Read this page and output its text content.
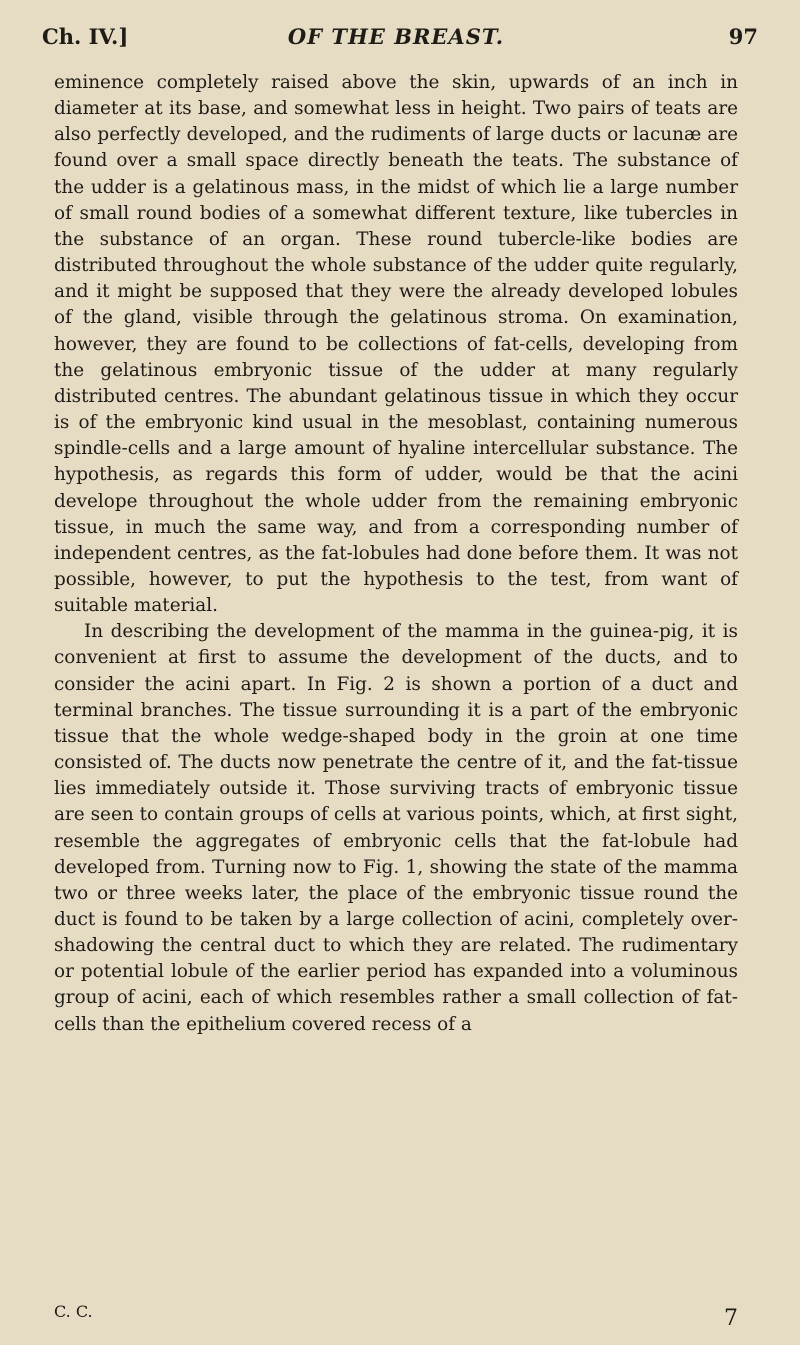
Ch. IV.]	OF THE BREAST.	97

eminence completely raised above the skin, upwards of an inch in diameter at its base, and somewhat less in height. Two pairs of teats are also perfectly developed, and the rudiments of large ducts or lacunæ are found over a small space directly beneath the teats. The substance of the udder is a gelatinous mass, in the midst of which lie a large number of small round bodies of a somewhat different texture, like tubercles in the substance of an organ. These round tubercle-like bodies are distributed throughout the whole substance of the udder quite regularly, and it might be supposed that they were the already developed lobules of the gland, visible through the gelatinous stroma. On examination, however, they are found to be collections of fat-cells, developing from the gelatinous embryonic tissue of the udder at many regularly distributed centres. The abundant gelatinous tissue in which they occur is of the embryonic kind usual in the mesoblast, containing numerous spindle-cells and a large amount of hyaline intercellular substance. The hypothesis, as regards this form of udder, would be that the acini develope throughout the whole udder from the remaining embryonic tissue, in much the same way, and from a corresponding number of independent centres, as the fat-lobules had done before them. It was not possible, however, to put the hypothesis to the test, from want of suitable material.

In describing the development of the mamma in the guinea-pig, it is convenient at first to assume the development of the ducts, and to consider the acini apart. In Fig. 2 is shown a portion of a duct and terminal branches. The tissue surrounding it is a part of the embryonic tissue that the whole wedge-shaped body in the groin at one time consisted of. The ducts now penetrate the centre of it, and the fat-tissue lies immediately outside it. Those surviving tracts of embryonic tissue are seen to contain groups of cells at various points, which, at first sight, resemble the aggregates of embryonic cells that the fat-lobule had developed from. Turning now to Fig. 1, showing the state of the mamma two or three weeks later, the place of the embryonic tissue round the duct is found to be taken by a large collection of acini, completely overshadowing the central duct to which they are related. The rudimentary or potential lobule of the earlier period has expanded into a voluminous group of acini, each of which resembles rather a small collection of fat-cells than the epithelium covered recess of a

C. C.	7
